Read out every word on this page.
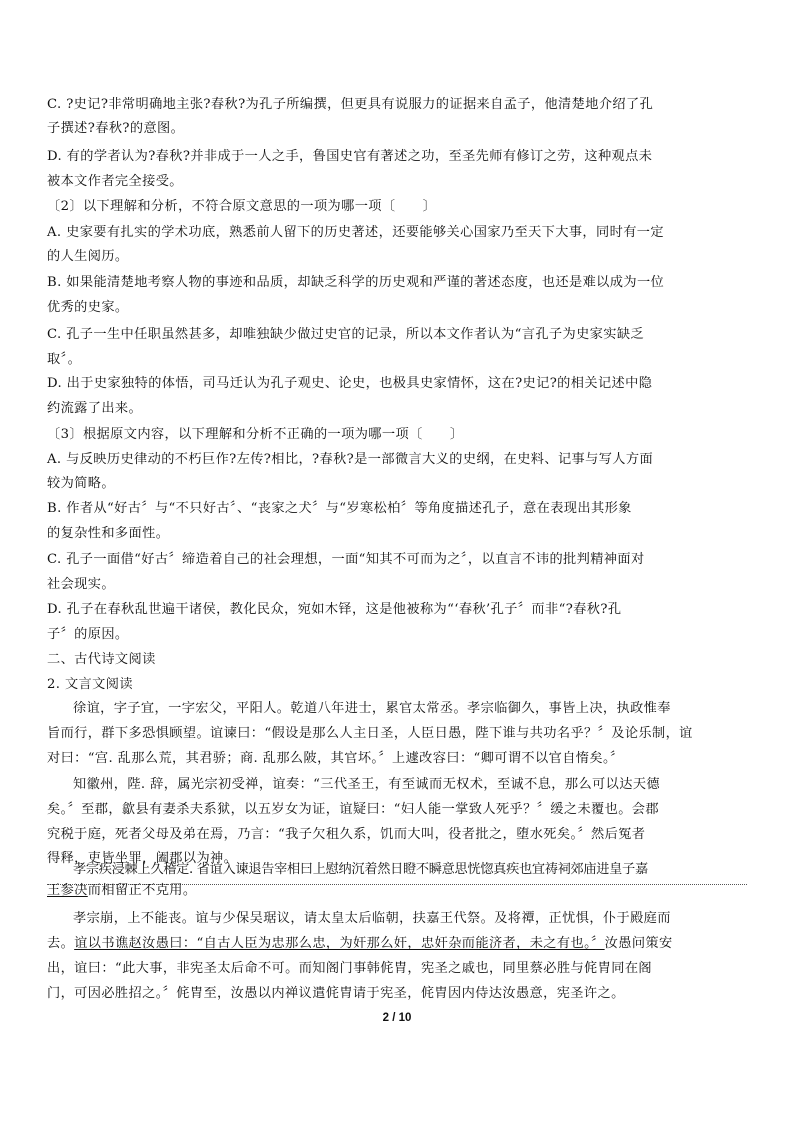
C. ?史记?非常明确地主张?春秋?为孔子所编撰，但更具有说服力的证据来自孟子，他清楚地介绍了孔
子撰述?春秋?的意图。
D. 有的学者认为?春秋?并非成于一人之手，鲁国史官有著述之功，至圣先师有修订之劳，这种观点未
被本文作者完全接受。
〔2〕以下理解和分析，不符合原文意思的一项为哪一项〔　　〕
A. 史家要有扎实的学术功底，熟悉前人留下的历史著述，还要能够关心国家乃至天下大事，同时有一定
的人生阅历。
B. 如果能清楚地考察人物的事迹和品质，却缺乏科学的历史观和严谨的著述态度，也还是难以成为一位
优秀的史家。
C. 孔子一生中任职虽然甚多，却唯独缺少做过史官的记录，所以本文作者认为“言孔子为史家实缺乏
取〞。
D. 出于史家独特的体悟，司马迁认为孔子观史、论史，也极具史家情怀，这在?史记?的相关记述中隐
约流露了出来。
〔3〕根据原文内容，以下理解和分析不正确的一项为哪一项〔　　〕
A. 与反映历史律动的不朽巨作?左传?相比，?春秋?是一部微言大义的史纲，在史料、记事与写人方面
较为简略。
B. 作者从“好古〞与“不只好古〞、“丧家之犬〞与“岁寒松柏〞等角度描述孔子，意在表现出其形象
的复杂性和多面性。
C. 孔子一面借“好古〞缔造着自己的社会理想，一面“知其不可而为之〞，以直言不讳的批判精神面对
社会现实。
D. 孔子在春秋乱世遍干诸侯，教化民众，宛如木铎，这是他被称为“‘春秋’孔子〞而非“?春秋?孔
子〞的原因。
二、古代诗文阅读
2. 文言文阅读
徐谊，字子宜，一字宏父，平阳人。乾道八年进士，累官太常丞。孝宗临御久，事皆上决，执政惟奉
旨而行，群下多恐惧顾望。谊谏曰：“假设是那么人主日圣，人臣日愚，陛下谁与共功名乎？〞及论乐制，谊
对曰：“宫. 乱那么荒，其君骄；商. 乱那么陂，其官坏。〞上遽改容曰：“卿可谓不以官自惰矣。〞
知徽州，陛. 辞，属光宗初受禅，谊奏：“三代圣王，有至诚而无权术，至诚不息，那么可以达天德
矣。〞至郡，歙县有妻杀夫系狱，以五岁女为证，谊疑曰：“妇人能一掌致人死乎？〞缓之未覆也。会郡
究税于庭，死者父母及弟在焉，乃言：“我子欠租久系，饥而大叫，役者批之，堕水死矣。〞然后冤者
得释，吏皆坐罪，阖郡以为神。
孝宗疾浸棘上久稽定. 省谊入谏退告宰相曰上慰纳沉着然日瞪不瞬意思恍惚真疾也宜祷祠郊庙进皇子嘉
王参决而相留正不克用。
孝宗崩，上不能丧。谊与少保吴琚议，请太皇太后临朝，扶嘉王代祭。及将禫，正忧惧，仆于殿庭而
去。谊以书谯赵汝愚曰：“自古人臣为忠那么忠，为奸那么奸，忠奸杂而能济者，未之有也。〞汝愚问策安
出，谊曰：“此大事，非宪圣太后命不可。而知阁门事韩侂胄，宪圣之戚也，同里蔡必胜与侂胄同在阁
门，可因必胜招之。〞侂胄至，汝愚以内禅议遣侂胄请于宪圣，侂胄因内侍达汝愚意，宪圣许之。
2 / 10
